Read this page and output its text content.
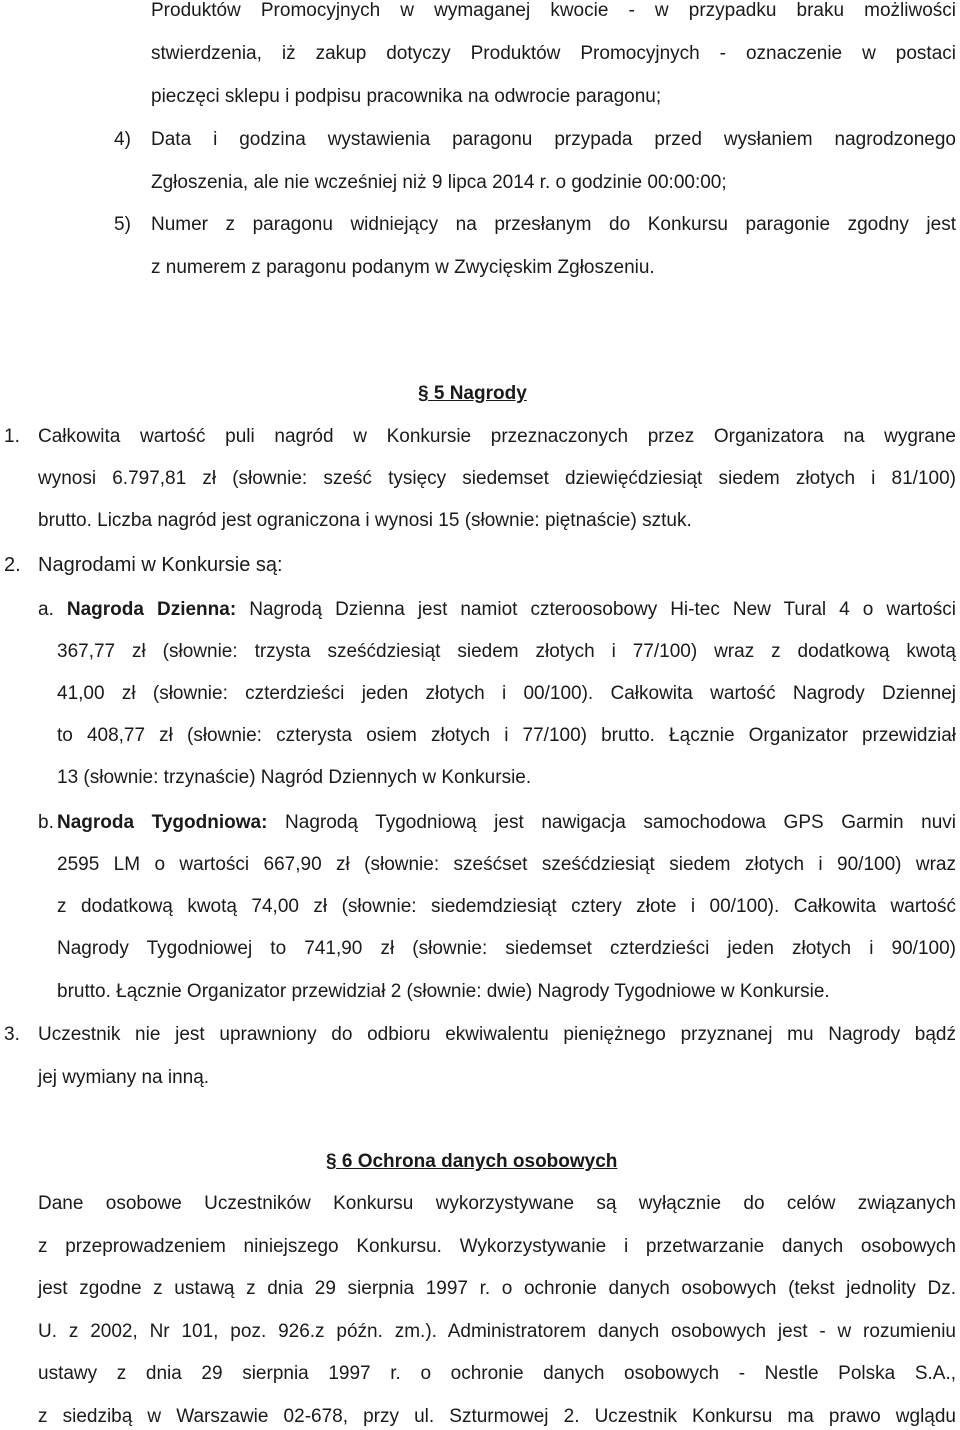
Produktów Promocyjnych w wymaganej kwocie - w przypadku braku możliwości
stwierdzenia, iż zakup dotyczy Produktów Promocyjnych - oznaczenie w postaci
pieczęci sklepu i podpisu pracownika na odwrocie paragonu;
4) Data i godzina wystawienia paragonu przypada przed wysłaniem nagrodzonego
Zgłoszenia, ale nie wcześniej niż 9 lipca 2014 r. o godzinie 00:00:00;
5) Numer z paragonu widniejący na przesłanym do Konkursu paragonie zgodny jest
z numerem z paragonu podanym w Zwycięskim Zgłoszeniu.
§ 5 Nagrody
1. Całkowita wartość puli nagród w Konkursie przeznaczonych przez Organizatora na wygrane
wynosi 6.797,81 zł (słownie: sześć tysięcy siedemset dziewięćdziesiąt siedem złotych i 81/100)
brutto. Liczba nagród jest ograniczona i wynosi 15 (słownie: piętnaście) sztuk.
2. Nagrodami w Konkursie są:
a. Nagroda Dzienna: Nagrodą Dzienna jest namiot czteroosobowy Hi-tec New Tural 4 o wartości
367,77 zł (słownie: trzysta sześćdziesiąt siedem złotych i 77/100) wraz z dodatkową kwotą
41,00 zł (słownie: czterdzieści jeden złotych i 00/100). Całkowita wartość Nagrody Dziennej
to 408,77 zł (słownie: czterysta osiem złotych i 77/100) brutto. Łącznie Organizator przewidział
13 (słownie: trzynaście) Nagród Dziennych w Konkursie.
b. Nagroda Tygodniowa: Nagrodą Tygodniową jest nawigacja samochodowa GPS Garmin nuvi
2595 LM o wartości 667,90 zł (słownie: sześćset sześćdziesiąt siedem złotych i 90/100) wraz
z dodatkową kwotą 74,00 zł (słownie: siedemdziesiąt cztery złote i 00/100). Całkowita wartość
Nagrody Tygodniowej to 741,90 zł (słownie: siedemset czterdzieści jeden złotych i 90/100)
brutto. Łącznie Organizator przewidział 2 (słownie: dwie) Nagrody Tygodniowe w Konkursie.
3. Uczestnik nie jest uprawniony do odbioru ekwiwalentu pieniężnego przyznanej mu Nagrody bądź
jej wymiany na inną.
§ 6 Ochrona danych osobowych
Dane osobowe Uczestników Konkursu wykorzystywane są wyłącznie do celów związanych
z przeprowadzeniem niniejszego Konkursu. Wykorzystywanie i przetwarzanie danych osobowych
jest zgodne z ustawą z dnia 29 sierpnia 1997 r. o ochronie danych osobowych (tekst jednolity Dz.
U. z 2002, Nr 101, poz. 926.z późn. zm.). Administratorem danych osobowych jest - w rozumieniu
ustawy z dnia 29 sierpnia 1997 r. o ochronie danych osobowych - Nestle Polska S.A.,
z siedzibą w Warszawie 02-678, przy ul. Szturmowej 2. Uczestnik Konkursu ma prawo wglądu
